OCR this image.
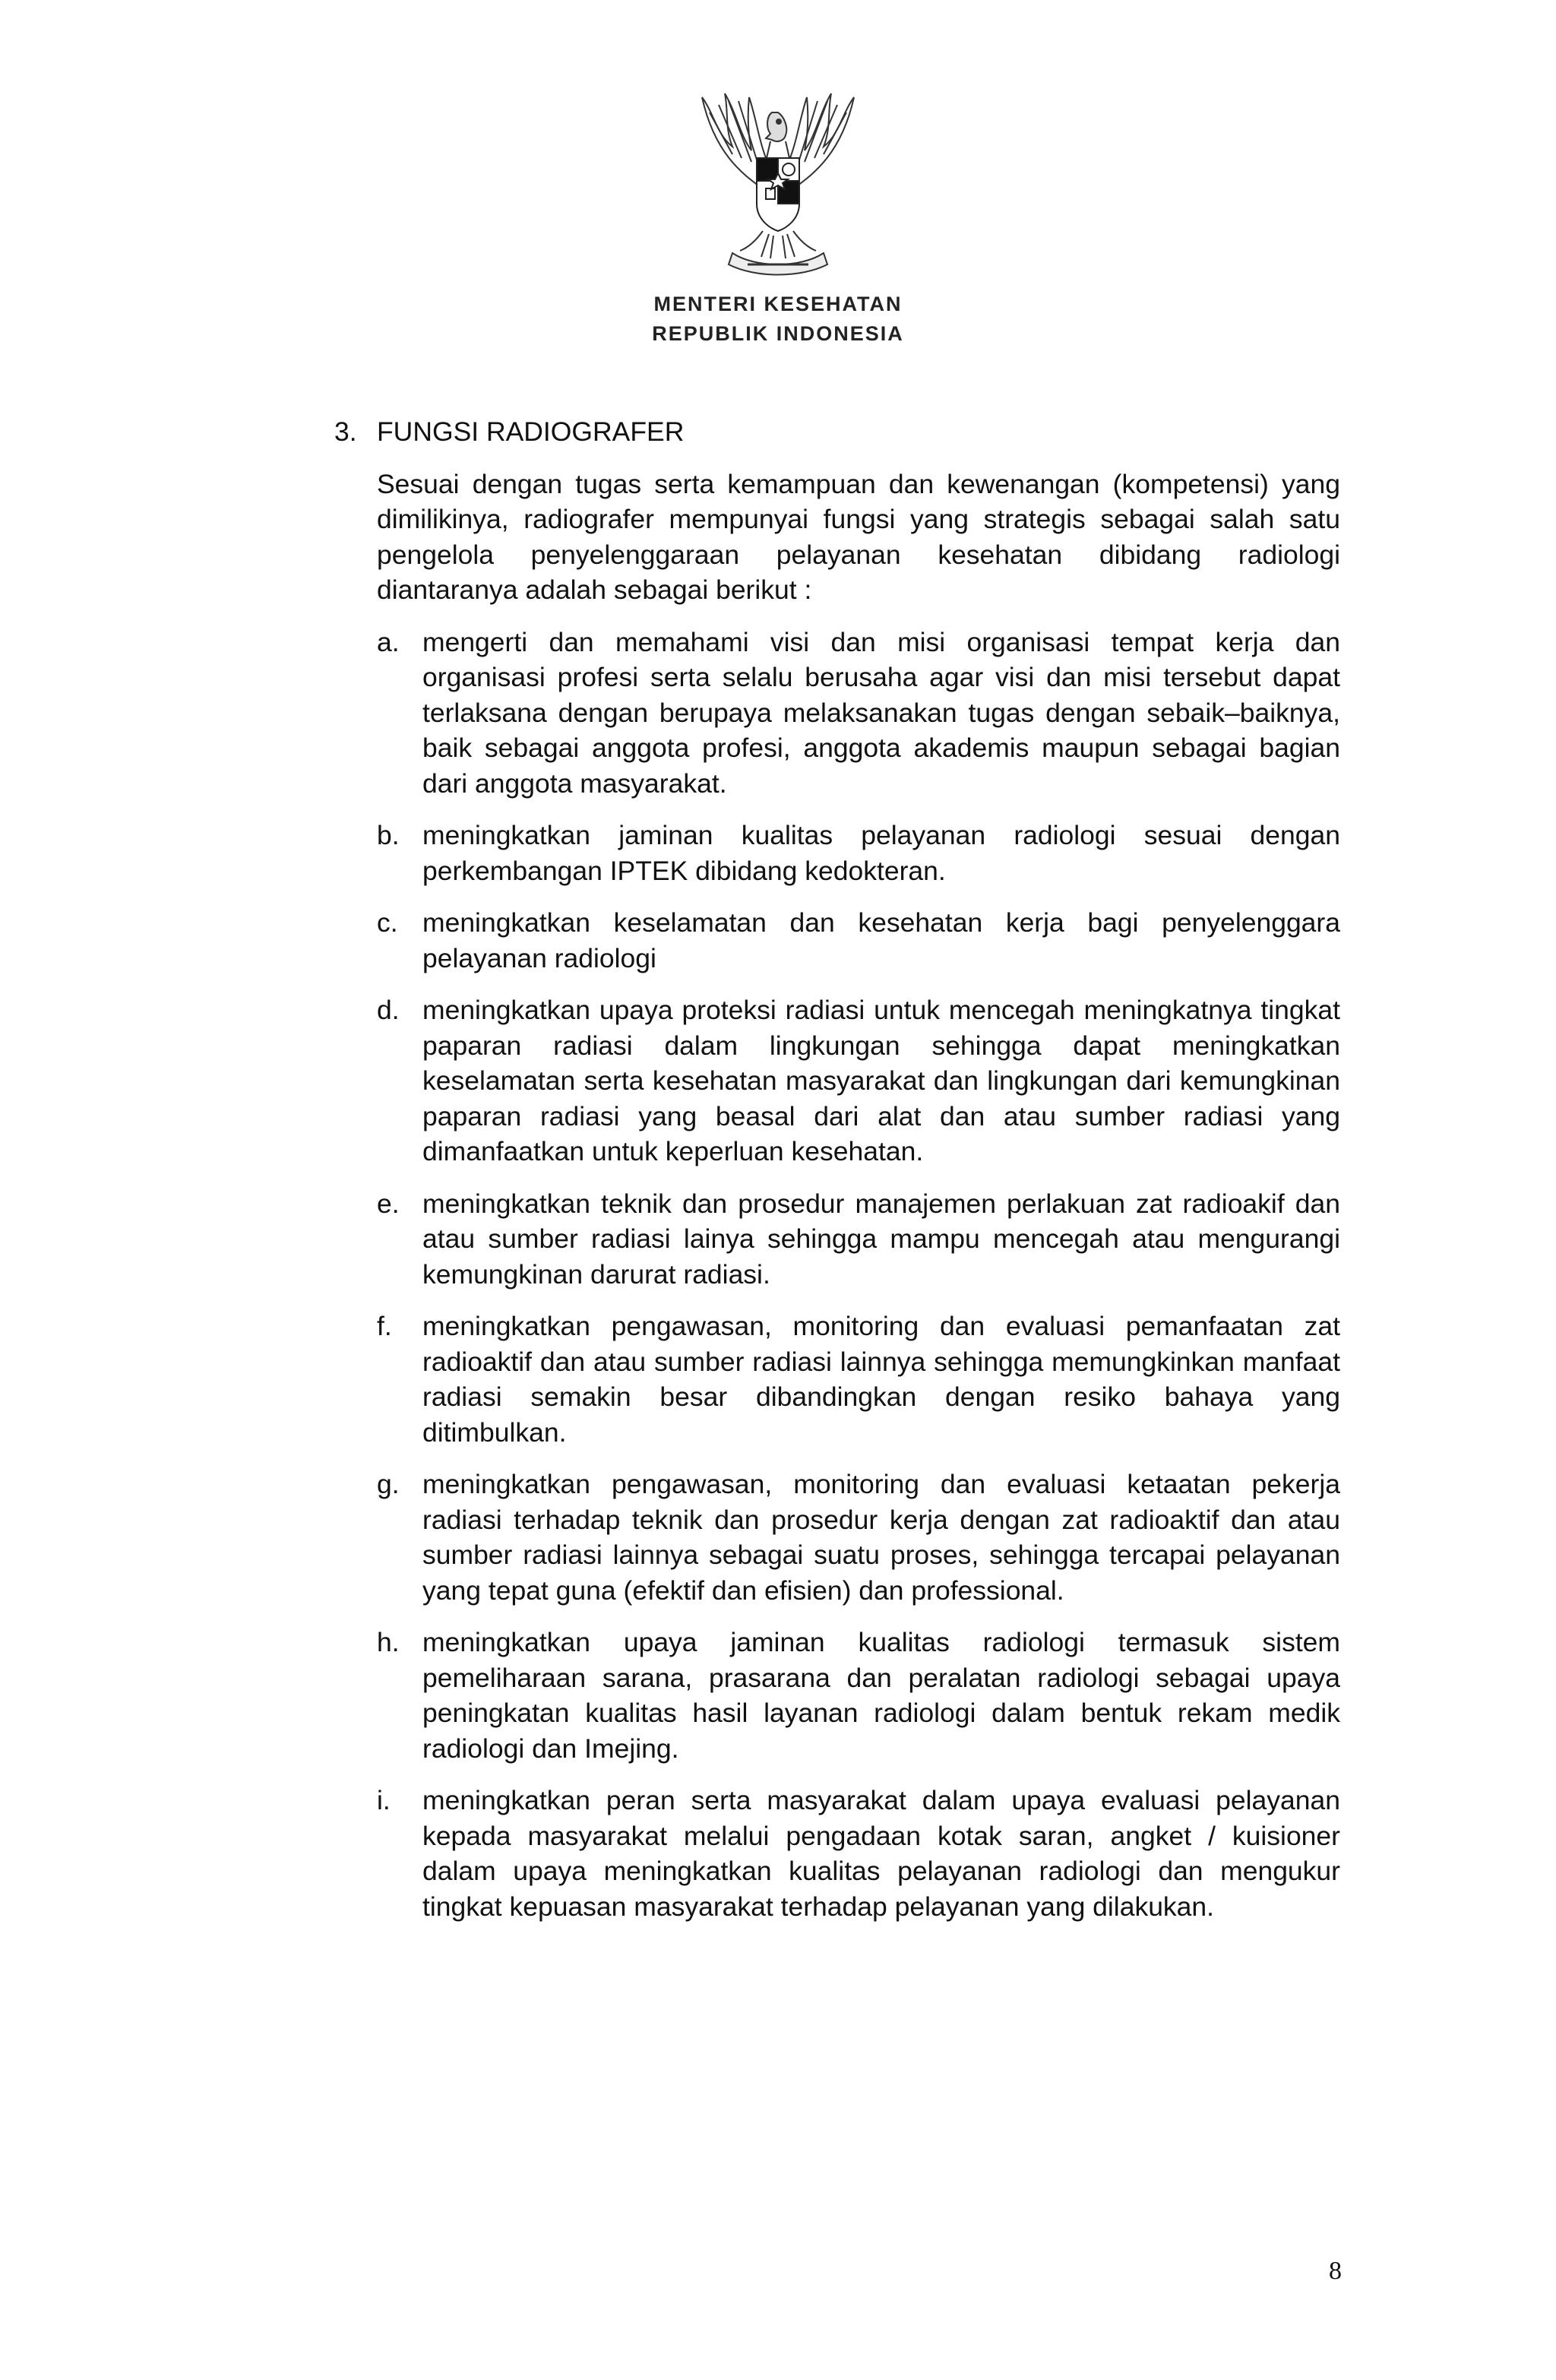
MENTERI KESEHATAN
REPUBLIK INDONESIA
3. FUNGSI RADIOGRAFER
Sesuai dengan tugas serta kemampuan dan kewenangan (kompetensi) yang dimilikinya, radiografer mempunyai fungsi yang strategis sebagai salah satu pengelola penyelenggaraan pelayanan kesehatan dibidang radiologi diantaranya adalah sebagai berikut :
a. mengerti dan memahami visi dan misi organisasi tempat kerja dan organisasi profesi serta selalu berusaha agar visi dan misi tersebut dapat terlaksana dengan berupaya melaksanakan tugas dengan sebaik–baiknya, baik sebagai anggota profesi, anggota akademis maupun sebagai bagian dari anggota masyarakat.
b. meningkatkan jaminan kualitas pelayanan radiologi sesuai dengan perkembangan IPTEK dibidang kedokteran.
c. meningkatkan keselamatan dan kesehatan kerja bagi penyelenggara pelayanan radiologi
d. meningkatkan upaya proteksi radiasi untuk mencegah meningkatnya tingkat paparan radiasi dalam lingkungan sehingga dapat meningkatkan keselamatan serta kesehatan masyarakat dan lingkungan dari kemungkinan paparan radiasi yang beasal dari alat dan atau sumber radiasi yang dimanfaatkan untuk keperluan kesehatan.
e. meningkatkan teknik dan prosedur manajemen perlakuan zat radioakif dan atau sumber radiasi lainya sehingga mampu mencegah atau mengurangi kemungkinan darurat radiasi.
f.	meningkatkan pengawasan, monitoring dan evaluasi pemanfaatan zat radioaktif dan atau sumber radiasi lainnya sehingga memungkinkan manfaat radiasi semakin besar dibandingkan dengan resiko bahaya yang ditimbulkan.
g. meningkatkan pengawasan, monitoring dan evaluasi ketaatan pekerja radiasi terhadap teknik dan prosedur kerja dengan zat radioaktif dan atau sumber radiasi lainnya sebagai suatu proses, sehingga tercapai pelayanan yang tepat guna (efektif dan efisien) dan professional.
h. meningkatkan upaya jaminan kualitas radiologi termasuk sistem pemeliharaan sarana, prasarana dan peralatan radiologi sebagai upaya peningkatan kualitas hasil layanan radiologi dalam bentuk rekam medik radiologi dan Imejing.
i.	meningkatkan peran serta masyarakat dalam upaya evaluasi pelayanan kepada masyarakat melalui pengadaan kotak saran, angket / kuisioner dalam upaya meningkatkan kualitas pelayanan radiologi dan mengukur tingkat kepuasan masyarakat terhadap pelayanan yang dilakukan.
8
